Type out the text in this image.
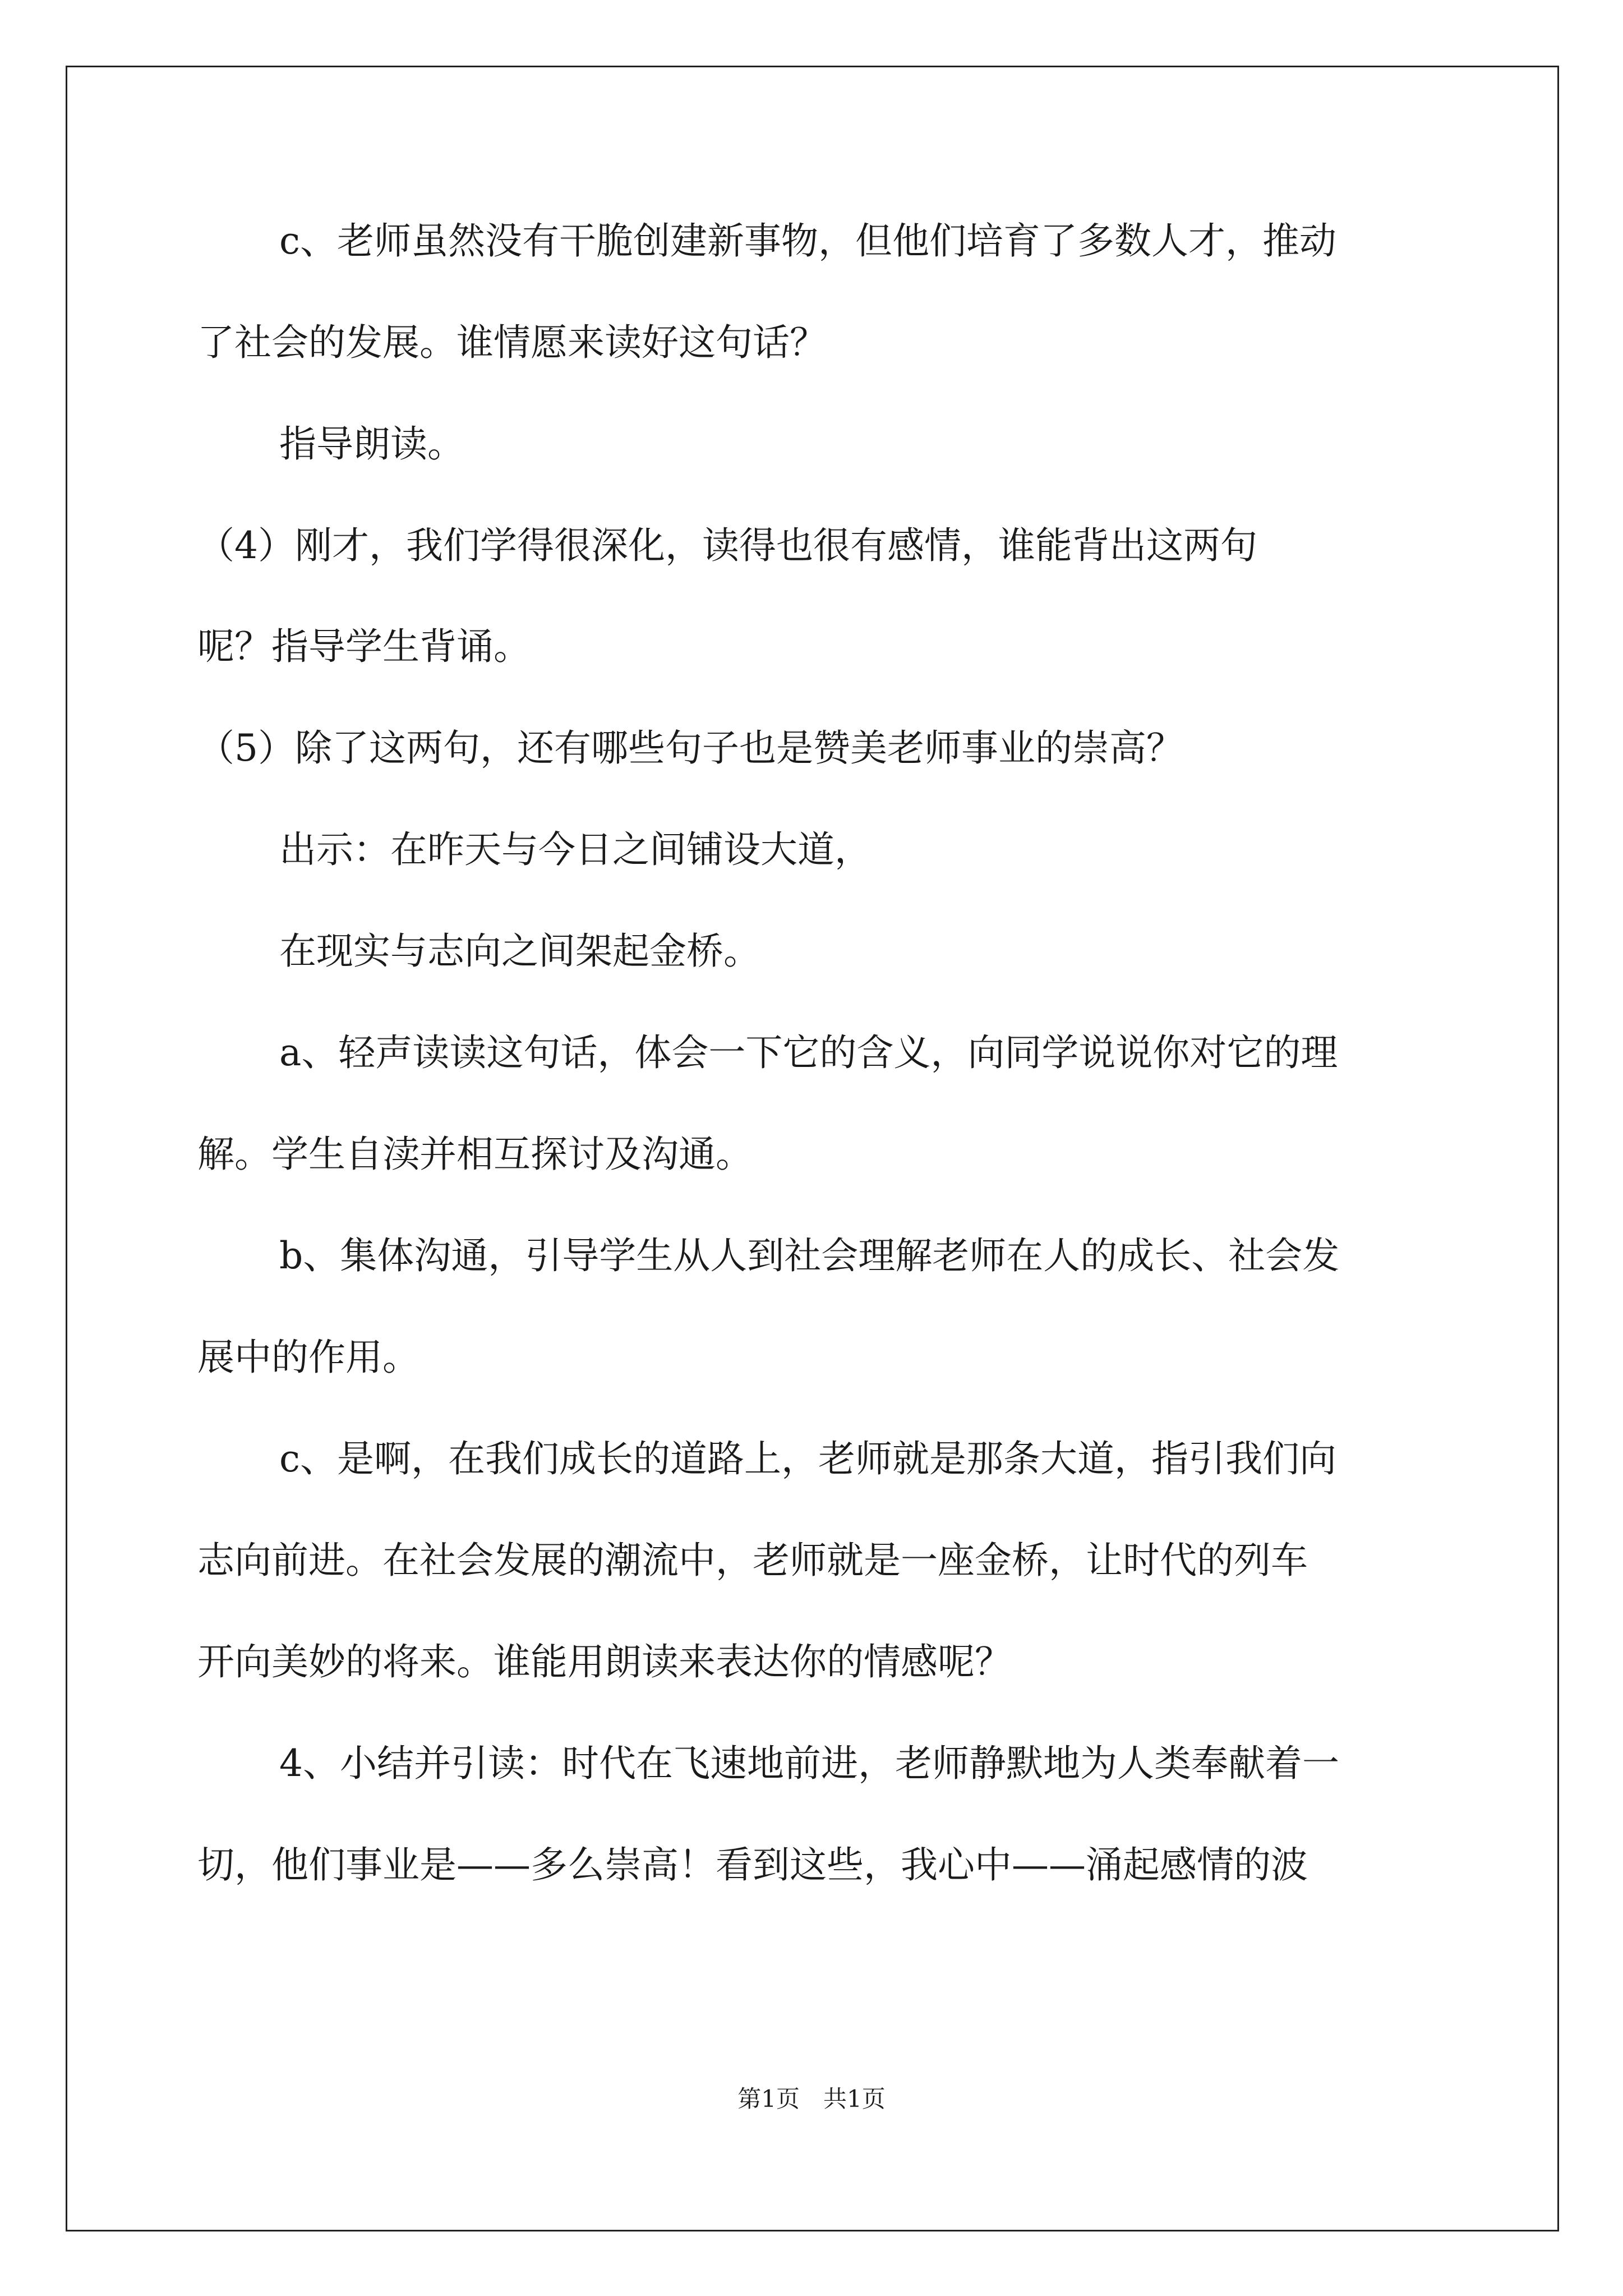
c、老师虽然没有干脆创建新事物，但他们培育了多数人才，推动
了社会的发展。谁情愿来读好这句话？
指导朗读。
（4）刚才，我们学得很深化，读得也很有感情，谁能背出这两句
呢？指导学生背诵。
（5）除了这两句，还有哪些句子也是赞美老师事业的崇高？
出示：在昨天与今日之间铺设大道，
在现实与志向之间架起金桥。
a、轻声读读这句话，体会一下它的含义，向同学说说你对它的理
解。学生自渎并相互探讨及沟通。
b、集体沟通，引导学生从人到社会理解老师在人的成长、社会发
展中的作用。
c、是啊，在我们成长的道路上，老师就是那条大道，指引我们向
志向前进。在社会发展的潮流中，老师就是一座金桥，让时代的列车
开向美妙的将来。谁能用朗读来表达你的情感呢？
4、小结并引读：时代在飞速地前进，老师静默地为人类奉献着一
切，他们事业是——多么崇高！看到这些，我心中——涌起感情的波
第1页　共1页
